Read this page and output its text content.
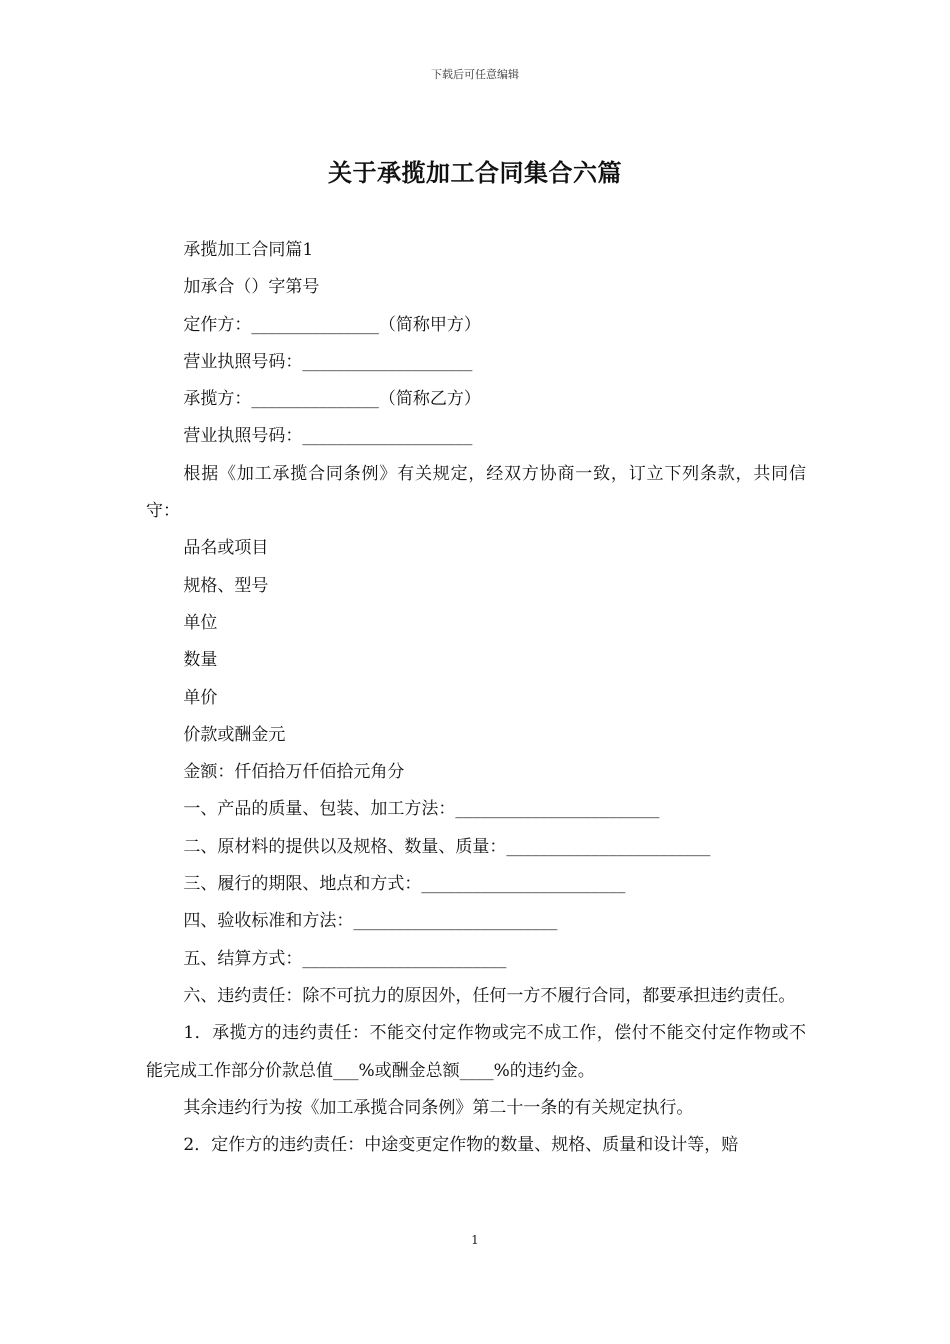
下载后可任意编辑
关于承揽加工合同集合六篇

承揽加工合同篇1

加承合（）字第号

定作方：_______________（简称甲方）

营业执照号码：____________________

承揽方：_______________（简称乙方）

营业执照号码：____________________

根据《加工承揽合同条例》有关规定，经双方协商一致，订立下列条款，共同信守：

品名或项目

规格、型号

单位

数量

单价

价款或酬金元

金额：仟佰拾万仟佰拾元角分

一、产品的质量、包装、加工方法：________________________

二、原材料的提供以及规格、数量、质量：________________________

三、履行的期限、地点和方式：________________________

四、验收标准和方法：________________________

五、结算方式：________________________

六、违约责任：除不可抗力的原因外，任何一方不履行合同，都要承担违约责任。

1．承揽方的违约责任：不能交付定作物或完不成工作，偿付不能交付定作物或不能完成工作部分价款总值___%或酬金总额____%的违约金。

其余违约行为按《加工承揽合同条例》第二十一条的有关规定执行。

2．定作方的违约责任：中途变更定作物的数量、规格、质量和设计等，赔

1
